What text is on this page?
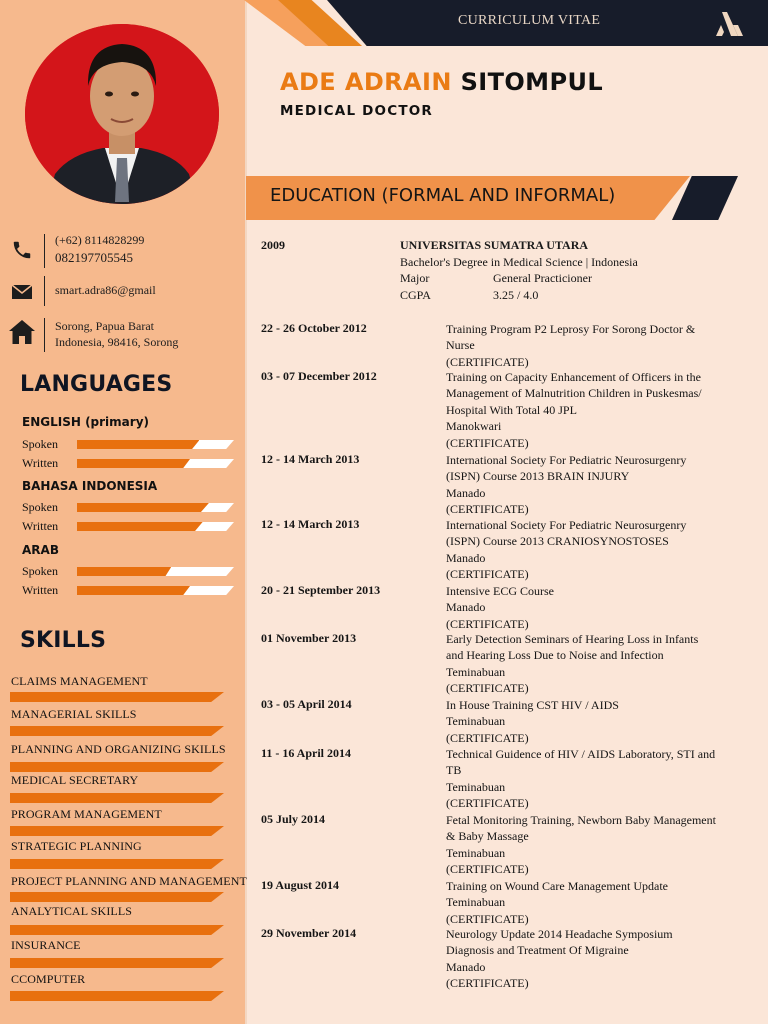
(+62) 8114828299
082197705545
smart.adra86@gmail
Sorong, Papua Barat
Indonesia, 98416, Sorong
LANGUAGES
ENGLISH (primary)
Spoken
Written
BAHASA INDONESIA
Spoken
Written
ARAB
Spoken
Written
SKILLS
CLAIMS MANAGEMENT
MANAGERIAL SKILLS
PLANNING AND ORGANIZING SKILLS
MEDICAL SECRETARY
PROGRAM MANAGEMENT
STRATEGIC PLANNING
PROJECT PLANNING AND MANAGEMENT
ANALYTICAL SKILLS
INSURANCE
CCOMPUTER
CURRICULUM VITAE
ADE ADRAIN SITOMPUL
MEDICAL DOCTOR
EDUCATION (FORMAL AND INFORMAL)
2009	UNIVERSITAS SUMATRA UTARA
Bachelor's Degree in Medical Science | Indonesia
Major	General Practicioner
CGPA	3.25 / 4.0
22 - 26 October 2012	Training Program P2 Leprosy For Sorong Doctor &
Nurse
(CERTIFICATE)
03 - 07 December 2012	Training on Capacity Enhancement of Officers in the
Management of Malnutrition Children in Puskesmas/
Hospital With Total 40 JPL
Manokwari
(CERTIFICATE)
12 - 14 March 2013	International Society For Pediatric Neurosurgenry
(ISPN) Course 2013 BRAIN INJURY
Manado
(CERTIFICATE)
12 - 14 March 2013	International Society For Pediatric Neurosurgenry
(ISPN) Course 2013 CRANIOSYNOSTOSES
Manado
(CERTIFICATE)
20 - 21 September 2013	Intensive ECG Course
Manado
(CERTIFICATE)
01 November 2013	Early Detection Seminars of Hearing Loss in Infants
and Hearing Loss Due to Noise and Infection
Teminabuan
(CERTIFICATE)
03 - 05 April 2014	In House Training CST HIV / AIDS
Teminabuan
(CERTIFICATE)
11 - 16 April 2014	Technical Guidence of HIV / AIDS Laboratory, STI and
TB
Teminabuan
(CERTIFICATE)
05 July 2014	Fetal Monitoring Training, Newborn Baby Management
& Baby Massage
Teminabuan
(CERTIFICATE)
19 August 2014	Training on Wound Care Management Update
Teminabuan
(CERTIFICATE)
29 November 2014	Neurology Update 2014 Headache Symposium
Diagnosis and Treatment Of Migraine
Manado
(CERTIFICATE)
